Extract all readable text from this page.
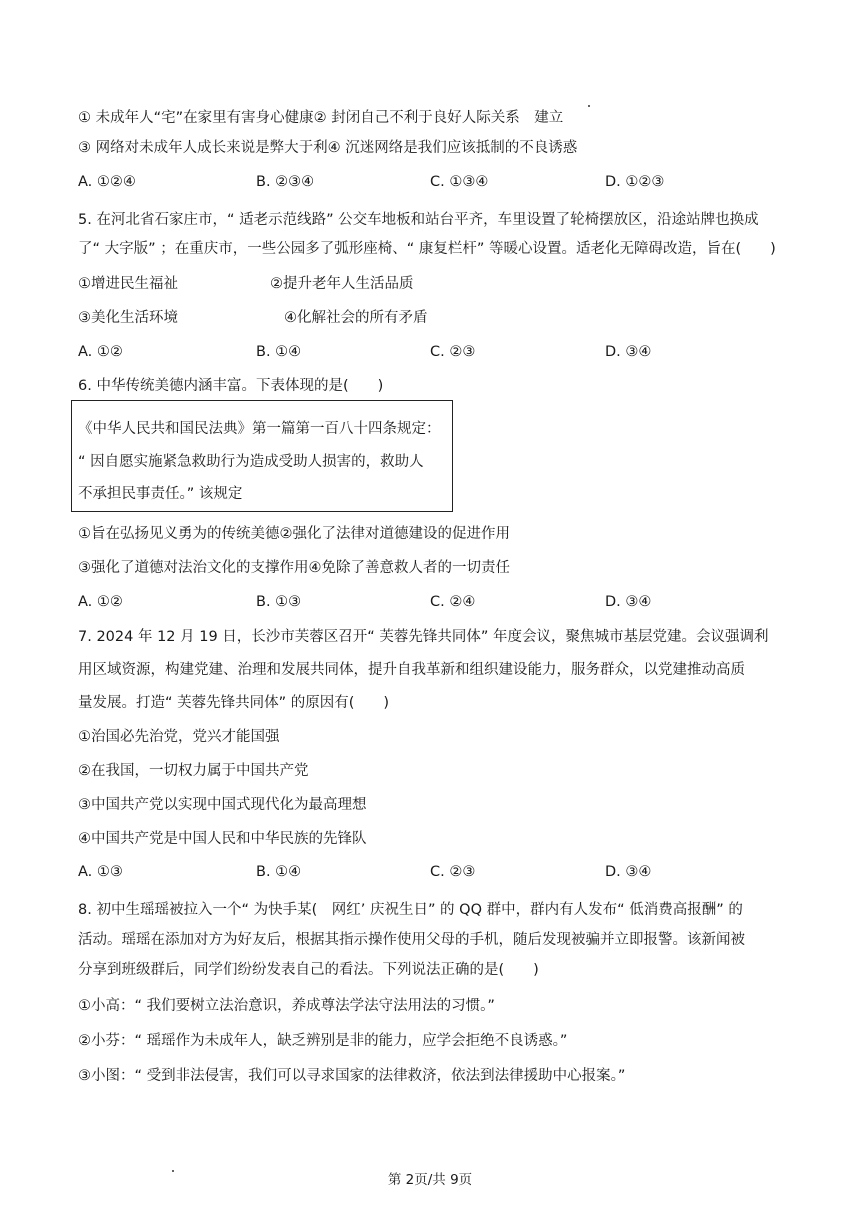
① 未成年人“宅”在家里有害身心健康② 封闭自己不利于良好人际关系　建立
③ 网络对未成年人成长来说是弊大于利④ 沉迷网络是我们应该抵制的不良诱惑
A. ①②④	B. ②③④	C. ①③④	D. ①②③
5. 在河北省石家庄市，“ 适老示范线路” 公交车地板和站台平齐，车里设置了轮椅摆放区，沿途站牌也换成
了“ 大字版” ；在重庆市，一些公园多了弧形座椅、“ 康复栏杆” 等暖心设置。适老化无障碍改造，旨在(　　)
①增进民生福祉	②提升老年人生活品质
③美化生活环境	④化解社会的所有矛盾
A. ①②	B. ①④	C. ②③	D. ③④
6. 中华传统美德内涵丰富。下表体现的是(　　)
《中华人民共和国民法典》第一篇第一百八十四条规定：
“ 因自愿实施紧急救助行为造成受助人损害的，救助人
不承担民事责任。” 该规定
①旨在弘扬见义勇为的传统美德②强化了法律对道德建设的促进作用
③强化了道德对法治文化的支撑作用④免除了善意救人者的一切责任
A. ①②	B. ①③	C. ②④	D. ③④
7. 2024 年 12 月 19 日，长沙市芙蓉区召开“ 芙蓉先锋共同体” 年度会议，聚焦城市基层党建。会议强调利
用区域资源，构建党建、治理和发展共同体，提升自我革新和组织建设能力，服务群众，以党建推动高质
量发展。打造“ 芙蓉先锋共同体” 的原因有(　　)
①治国必先治党，党兴才能国强
②在我国，一切权力属于中国共产党
③中国共产党以实现中国式现代化为最高理想
④中国共产党是中国人民和中华民族的先锋队
A. ①③	B. ①④	C. ②③	D. ③④
8. 初中生瑶瑶被拉入一个“ 为快手某(　网红’ 庆祝生日” 的 QQ 群中，群内有人发布“ 低消费高报酬” 的
活动。瑶瑶在添加对方为好友后，根据其指示操作使用父母的手机，随后发现被骗并立即报警。该新闻被
分享到班级群后，同学们纷纷发表自己的看法。下列说法正确的是(　　)
①小高：“ 我们要树立法治意识，养成尊法学法守法用法的习惯。”
②小芬：“ 瑶瑶作为未成年人，缺乏辨别是非的能力，应学会拒绝不良诱惑。”
③小图：“ 受到非法侵害，我们可以寻求国家的法律救济，依法到法律援助中心报案。”
第 2页/共 9页
